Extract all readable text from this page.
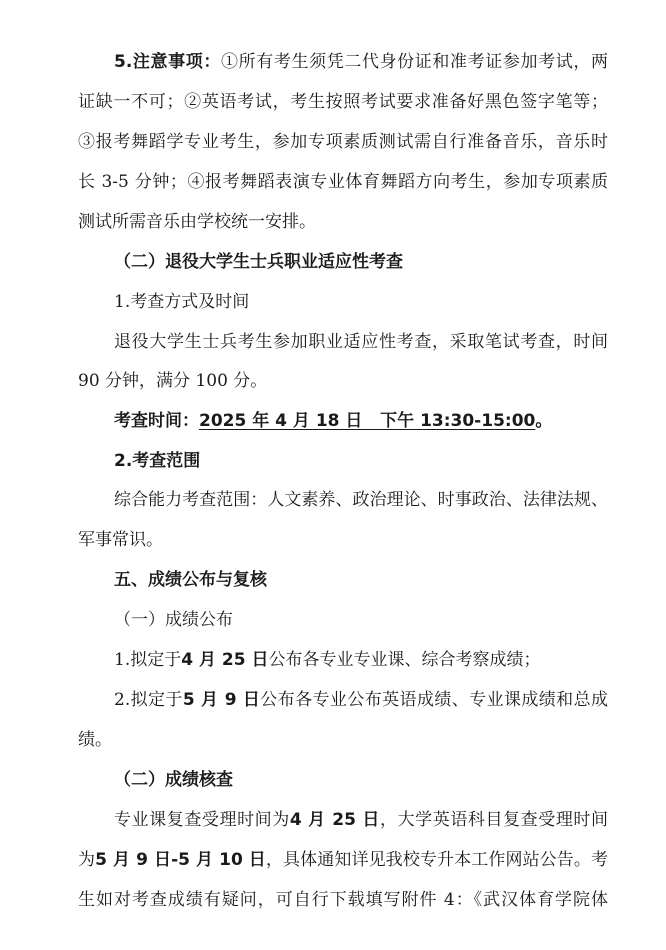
5.注意事项：①所有考生须凭二代身份证和准考证参加考试，两
证缺一不可；②英语考试，考生按照考试要求准备好黑色签字笔等；
③报考舞蹈学专业考生，参加专项素质测试需自行准备音乐，音乐时
长 3-5 分钟；④报考舞蹈表演专业体育舞蹈方向考生，参加专项素质
测试所需音乐由学校统一安排。
（二）退役大学生士兵职业适应性考查
1.考查方式及时间
退役大学生士兵考生参加职业适应性考查，采取笔试考查，时间
90 分钟，满分 100 分。
考查时间：2025 年 4 月 18 日   下午 13:30-15:00。
2.考查范围
综合能力考查范围：人文素养、政治理论、时事政治、法律法规、
军事常识。
五、成绩公布与复核
（一）成绩公布
1.拟定于4 月 25 日公布各专业专业课、综合考察成绩；
2.拟定于5 月 9 日公布各专业公布英语成绩、专业课成绩和总成
绩。
（二）成绩核查
专业课复查受理时间为4 月 25 日，大学英语科目复查受理时间
为5 月 9 日-5 月 10 日，具体通知详见我校专升本工作网站公告。考
生如对考查成绩有疑问，可自行下载填写附件 4：《武汉体育学院体
